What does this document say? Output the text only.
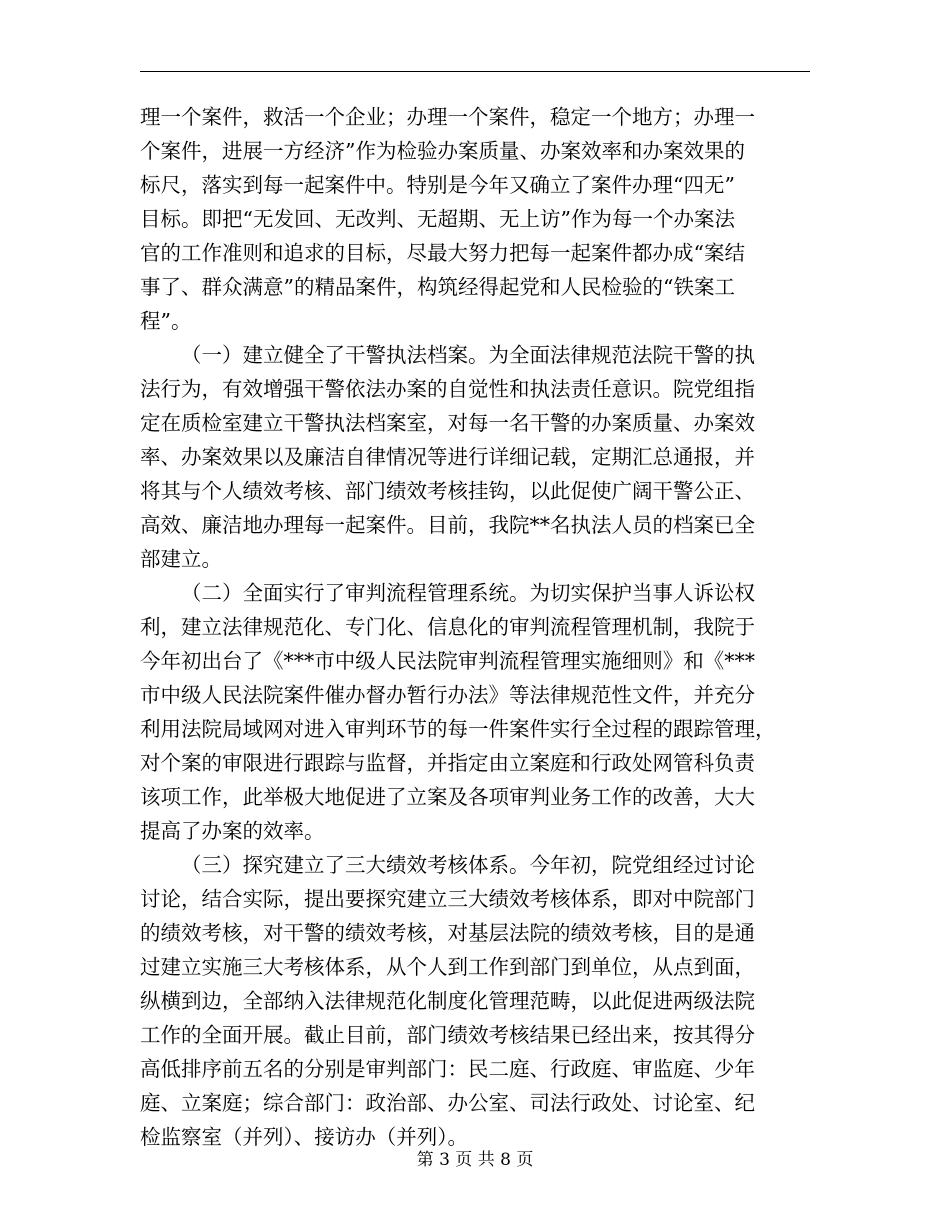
理一个案件，救活一个企业；办理一个案件，稳定一个地方；办理一
个案件，进展一方经济”作为检验办案质量、办案效率和办案效果的
标尺，落实到每一起案件中。特别是今年又确立了案件办理“四无”
目标。即把“无发回、无改判、无超期、无上访”作为每一个办案法
官的工作准则和追求的目标，尽最大努力把每一起案件都办成“案结
事了、群众满意”的精品案件，构筑经得起党和人民检验的“铁案工
程”。
（一）建立健全了干警执法档案。为全面法律规范法院干警的执
法行为，有效增强干警依法办案的自觉性和执法责任意识。院党组指
定在质检室建立干警执法档案室，对每一名干警的办案质量、办案效
率、办案效果以及廉洁自律情况等进行详细记载，定期汇总通报，并
将其与个人绩效考核、部门绩效考核挂钩，以此促使广阔干警公正、
高效、廉洁地办理每一起案件。目前，我院**名执法人员的档案已全
部建立。
（二）全面实行了审判流程管理系统。为切实保护当事人诉讼权
利，建立法律规范化、专门化、信息化的审判流程管理机制，我院于
今年初出台了《***市中级人民法院审判流程管理实施细则》和《***
市中级人民法院案件催办督办暂行办法》等法律规范性文件，并充分
利用法院局域网对进入审判环节的每一件案件实行全过程的跟踪管理，
对个案的审限进行跟踪与监督，并指定由立案庭和行政处网管科负责
该项工作，此举极大地促进了立案及各项审判业务工作的改善，大大
提高了办案的效率。
（三）探究建立了三大绩效考核体系。今年初，院党组经过讨论
讨论，结合实际，提出要探究建立三大绩效考核体系，即对中院部门
的绩效考核，对干警的绩效考核，对基层法院的绩效考核，目的是通
过建立实施三大考核体系，从个人到工作到部门到单位，从点到面，
纵横到边，全部纳入法律规范化制度化管理范畴，以此促进两级法院
工作的全面开展。截止目前，部门绩效考核结果已经出来，按其得分
高低排序前五名的分别是审判部门：民二庭、行政庭、审监庭、少年
庭、立案庭；综合部门：政治部、办公室、司法行政处、讨论室、纪
检监察室（并列）、接访办（并列）。
第 3 页 共 8 页
